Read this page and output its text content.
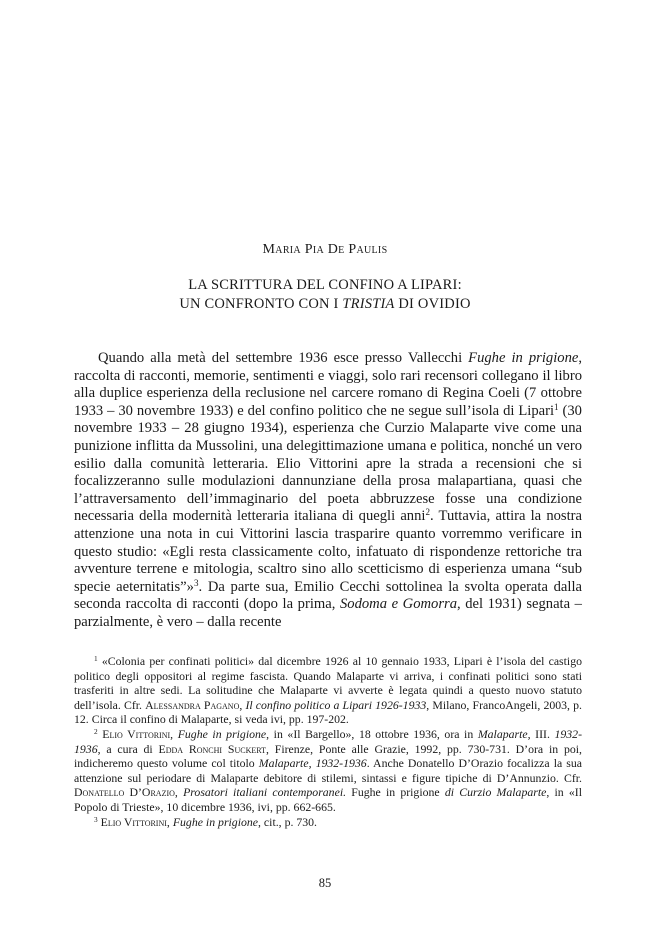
Maria Pia De Paulis
LA SCRITTURA DEL CONFINO A LIPARI:
UN CONFRONTO CON I TRISTIA DI OVIDIO

Quando alla metà del settembre 1936 esce presso Vallecchi Fughe in prigione, raccolta di racconti, memorie, sentimenti e viaggi, solo rari recensori collegano il libro alla duplice esperienza della reclusione nel carcere romano di Regina Coeli (7 ottobre 1933 – 30 novembre 1933) e del confino politico che ne segue sull’isola di Lipari$^1$ (30 novembre 1933 – 28 giugno 1934), esperienza che Curzio Malaparte vive come una punizione inflitta da Mussolini, una delegittimazione umana e politica, nonché un vero esilio dalla comunità letteraria. Elio Vittorini apre la strada a recensioni che si focalizzeranno sulle modulazioni dannunziane della prosa malapartiana, quasi che l’attraversamento dell’immaginario del poeta abbruzzese fosse una condizione necessaria della modernità letteraria italiana di quegli anni$^2$. Tuttavia, attira la nostra attenzione una nota in cui Vittorini lascia trasparire quanto vorremmo verificare in questo studio: «Egli resta classicamente colto, infatuato di rispondenze rettoriche tra avventure terrene e mitologia, scaltro sino allo scetticismo di esperienza umana “sub specie aeternitatis”»$^3$. Da parte sua, Emilio Cecchi sottolinea la svolta operata dalla seconda raccolta di racconti (dopo la prima, Sodoma e Gomorra, del 1931) segnata – parzialmente, è vero – dalla recente

$^1$ «Colonia per confinati politici» dal dicembre 1926 al 10 gennaio 1933, Lipari è l’isola del castigo politico degli oppositori al regime fascista. Quando Malaparte vi arriva, i confinati politici sono stati trasferiti in altre sedi. La solitudine che Malaparte vi avverte è legata quindi a questo nuovo statuto dell’isola. Cfr. Alessandra Pagano, Il confino politico a Lipari 1926-1933, Milano, FrancoAngeli, 2003, p. 12. Circa il confino di Malaparte, si veda ivi, pp. 197-202.

$^2$ Elio Vittorini, Fughe in prigione, in «Il Bargello», 18 ottobre 1936, ora in Malaparte, III. 1932-1936, a cura di Edda Ronchi Suckert, Firenze, Ponte alle Grazie, 1992, pp. 730-731. D’ora in poi, indicheremo questo volume col titolo Malaparte, 1932-1936. Anche Donatello D’Orazio focalizza la sua attenzione sul periodare di Malaparte debitore di stilemi, sintassi e figure tipiche di D’Annunzio. Cfr. Donatello D’Orazio, Prosatori italiani contemporanei. Fughe in prigione di Curzio Malaparte, in «Il Popolo di Trieste», 10 dicembre 1936, ivi, pp. 662-665.

$^3$ Elio Vittorini, Fughe in prigione, cit., p. 730.

85
